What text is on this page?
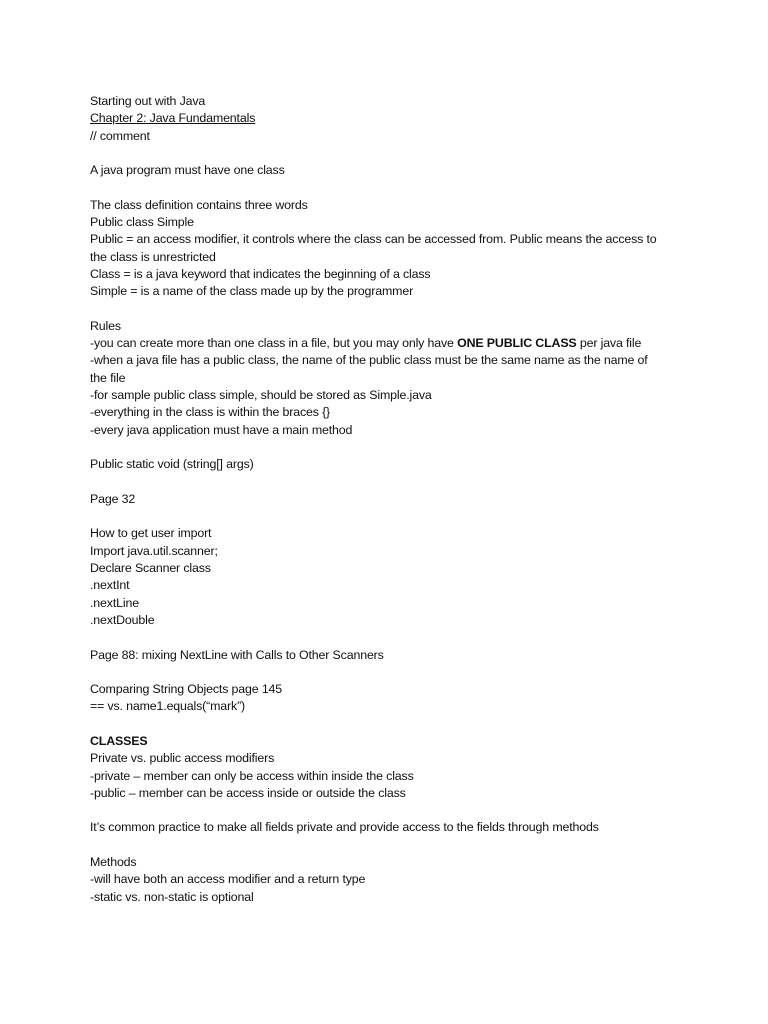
Starting out with Java
Chapter 2: Java Fundamentals
// comment
A java program must have one class
The class definition contains three words
Public class Simple
Public = an access modifier, it controls where the class can be accessed from. Public means the access to
the class is unrestricted
Class = is a java keyword that indicates the beginning of a class
Simple = is a name of the class made up by the programmer
Rules
-you can create more than one class in a file, but you may only have ONE PUBLIC CLASS per java file
-when a java file has a public class, the name of the public class must be the same name as the name of
the file
-for sample public class simple, should be stored as Simple.java
-everything in the class is within the braces {}
-every java application must have a main method
Public static void (string[] args)
Page 32
How to get user import
Import java.util.scanner;
Declare Scanner class
.nextInt
.nextLine
.nextDouble
Page 88: mixing NextLine with Calls to Other Scanners
Comparing String Objects page 145
== vs. name1.equals(“mark”)
CLASSES
Private vs. public access modifiers
-private – member can only be access within inside the class
-public – member can be access inside or outside the class
It’s common practice to make all fields private and provide access to the fields through methods
Methods
-will have both an access modifier and a return type
-static vs. non-static is optional
